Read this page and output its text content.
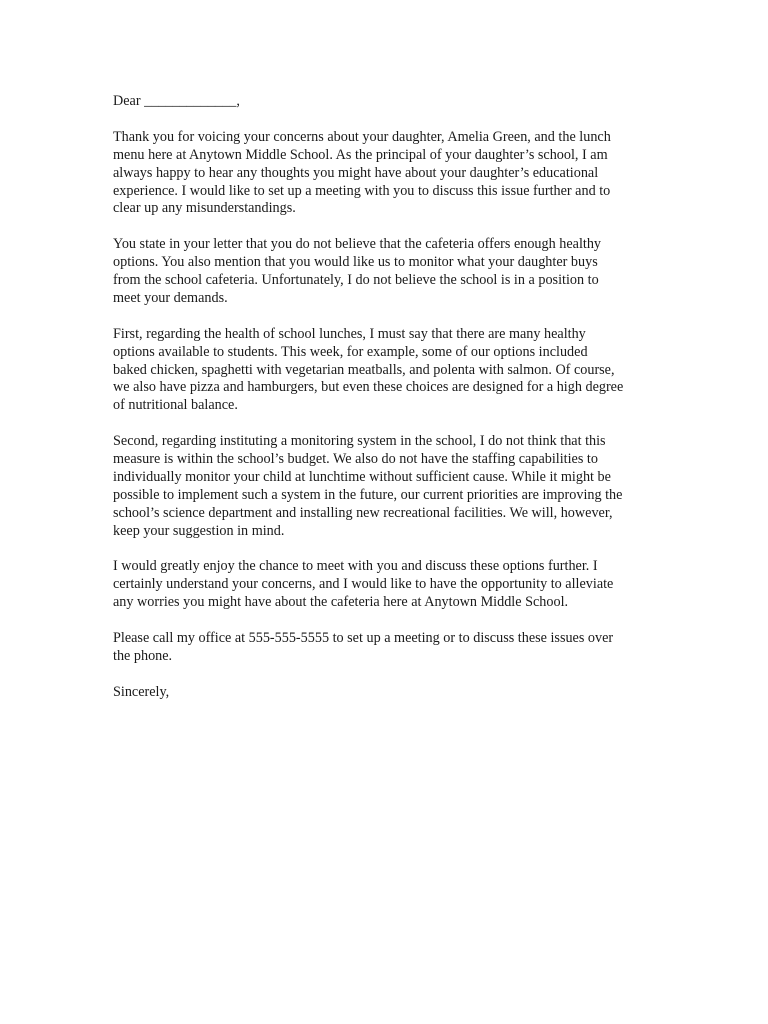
Dear _____________,

Thank you for voicing your concerns about your daughter, Amelia Green, and the lunch
menu here at Anytown Middle School. As the principal of your daughter’s school, I am
always happy to hear any thoughts you might have about your daughter’s educational
experience. I would like to set up a meeting with you to discuss this issue further and to
clear up any misunderstandings.

You state in your letter that you do not believe that the cafeteria offers enough healthy
options. You also mention that you would like us to monitor what your daughter buys
from the school cafeteria. Unfortunately, I do not believe the school is in a position to
meet your demands.

First, regarding the health of school lunches, I must say that there are many healthy
options available to students. This week, for example, some of our options included
baked chicken, spaghetti with vegetarian meatballs, and polenta with salmon. Of course,
we also have pizza and hamburgers, but even these choices are designed for a high degree
of nutritional balance.

Second, regarding instituting a monitoring system in the school, I do not think that this
measure is within the school’s budget. We also do not have the staffing capabilities to
individually monitor your child at lunchtime without sufficient cause. While it might be
possible to implement such a system in the future, our current priorities are improving the
school’s science department and installing new recreational facilities. We will, however,
keep your suggestion in mind.

I would greatly enjoy the chance to meet with you and discuss these options further. I
certainly understand your concerns, and I would like to have the opportunity to alleviate
any worries you might have about the cafeteria here at Anytown Middle School.

Please call my office at 555-555-5555 to set up a meeting or to discuss these issues over
the phone.

Sincerely,
